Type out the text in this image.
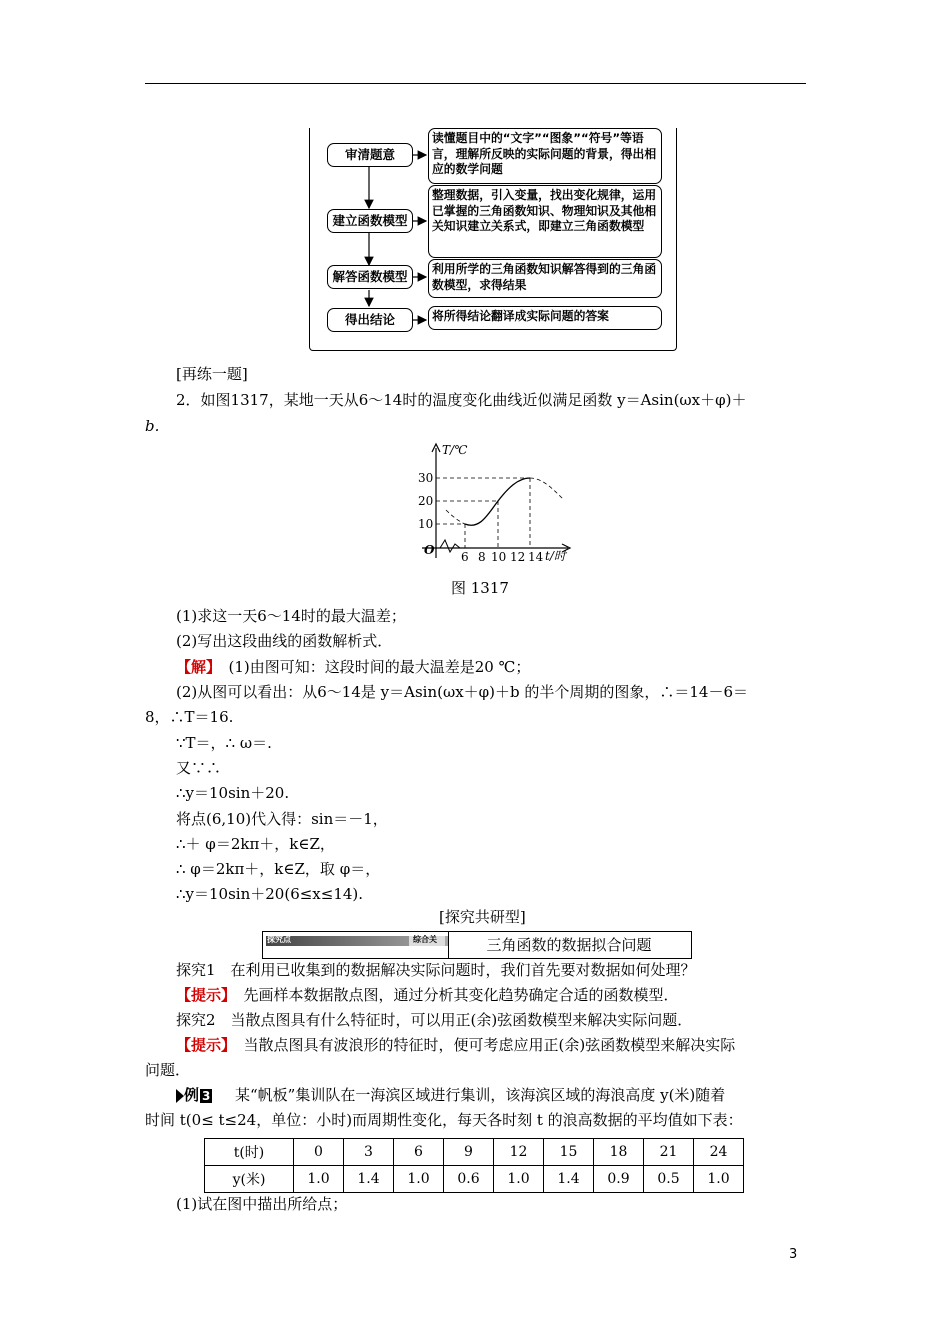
审清题意
读懂题目中的“文字”“图象”“符号”等语言，理解所反映的实际问题的背景，得出相应的数学问题
建立函数模型
整理数据，引入变量，找出变化规律，运用已掌握的三角函数知识、物理知识及其他相关知识建立关系式，即建立三角函数模型
解答函数模型	利用所学的三角函数知识解答得到的三角函数模型，求得结果
得出结论	将所得结论翻译成实际问题的答案
[再练一题]
2．如图1317，某地一天从6～14时的温度变化曲线近似满足函数 y＝Asin(ωx＋φ)＋
b.
T/℃
t/时
O
30
20
10
6 8 10 12 14
图 1317
(1)求这一天6～14时的最大温差；
(2)写出这段曲线的函数解析式．
【解】　(1)由图可知：这段时间的最大温差是20 ℃；
(2)从图可以看出：从6～14是 y＝Asin(ωx＋φ)＋b 的半个周期的图象，∴＝14－6＝
8，∴T＝16.
∵T＝，∴ ω＝.
又∵∴
∴y＝10sin＋20.
将点(6,10)代入得：sin＝－1，
∴＋ φ＝2kπ＋，k∈Z，
∴ φ＝2kπ＋，k∈Z，取 φ＝，
∴y＝10sin＋20(6≤x≤14).
[探究共研型]
探究点	综合关	三角函数的数据拟合问题
探究1　在利用已收集到的数据解决实际问题时，我们首先要对数据如何处理？
【提示】　先画样本数据散点图，通过分析其变化趋势确定合适的函数模型．
探究2　当散点图具有什么特征时，可以用正(余)弦函数模型来解决实际问题．
【提示】　当散点图具有波浪形的特征时，便可考虑应用正(余)弦函数模型来解决实际
问题．
例 3 某“帆板”集训队在一海滨区域进行集训，该海滨区域的海浪高度 y(米)随着
时间 t(0≤ t≤24，单位：小时)而周期性变化，每天各时刻 t 的浪高数据的平均值如下表：
t(时)	0	3	6	9	12	15	18	21	24
y(米)	1.0	1.4	1.0	0.6	1.0	1.4	0.9	0.5	1.0
(1)试在图中描出所给点；
3
